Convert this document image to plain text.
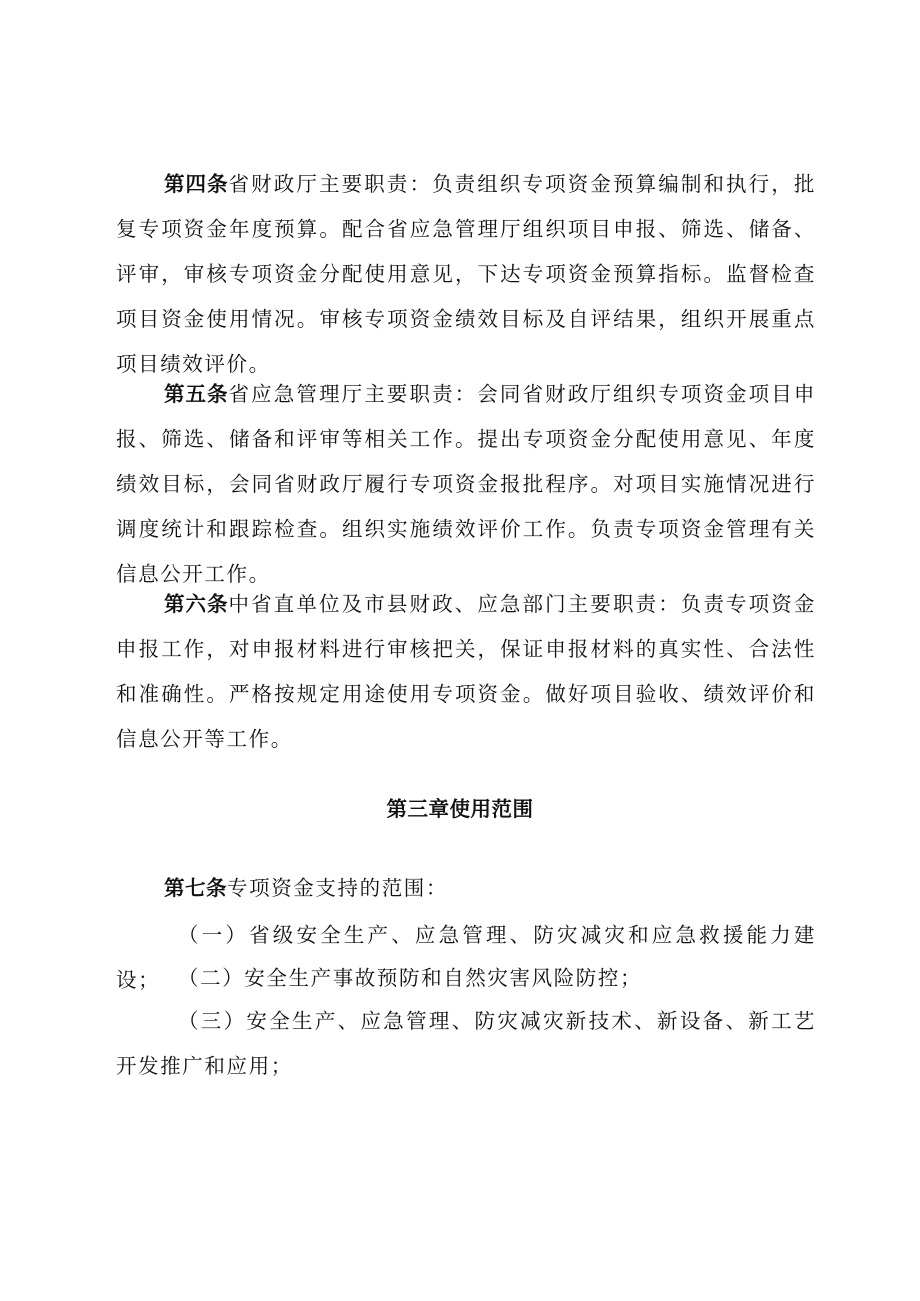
第四条省财政厅主要职责：负责组织专项资金预算编制和执行，批复专项资金年度预算。配合省应急管理厅组织项目申报、筛选、储备、评审，审核专项资金分配使用意见，下达专项资金预算指标。监督检查项目资金使用情况。审核专项资金绩效目标及自评结果，组织开展重点项目绩效评价。

第五条省应急管理厅主要职责：会同省财政厅组织专项资金项目申报、筛选、储备和评审等相关工作。提出专项资金分配使用意见、年度绩效目标，会同省财政厅履行专项资金报批程序。对项目实施情况进行调度统计和跟踪检查。组织实施绩效评价工作。负责专项资金管理有关信息公开工作。

第六条中省直单位及市县财政、应急部门主要职责：负责专项资金申报工作，对申报材料进行审核把关，保证申报材料的真实性、合法性和准确性。严格按规定用途使用专项资金。做好项目验收、绩效评价和信息公开等工作。

第三章使用范围

第七条专项资金支持的范围：

（一）省级安全生产、应急管理、防灾减灾和应急救援能力建设； （二）安全生产事故预防和自然灾害风险防控；

（三）安全生产、应急管理、防灾减灾新技术、新设备、新工艺开发推广和应用；
